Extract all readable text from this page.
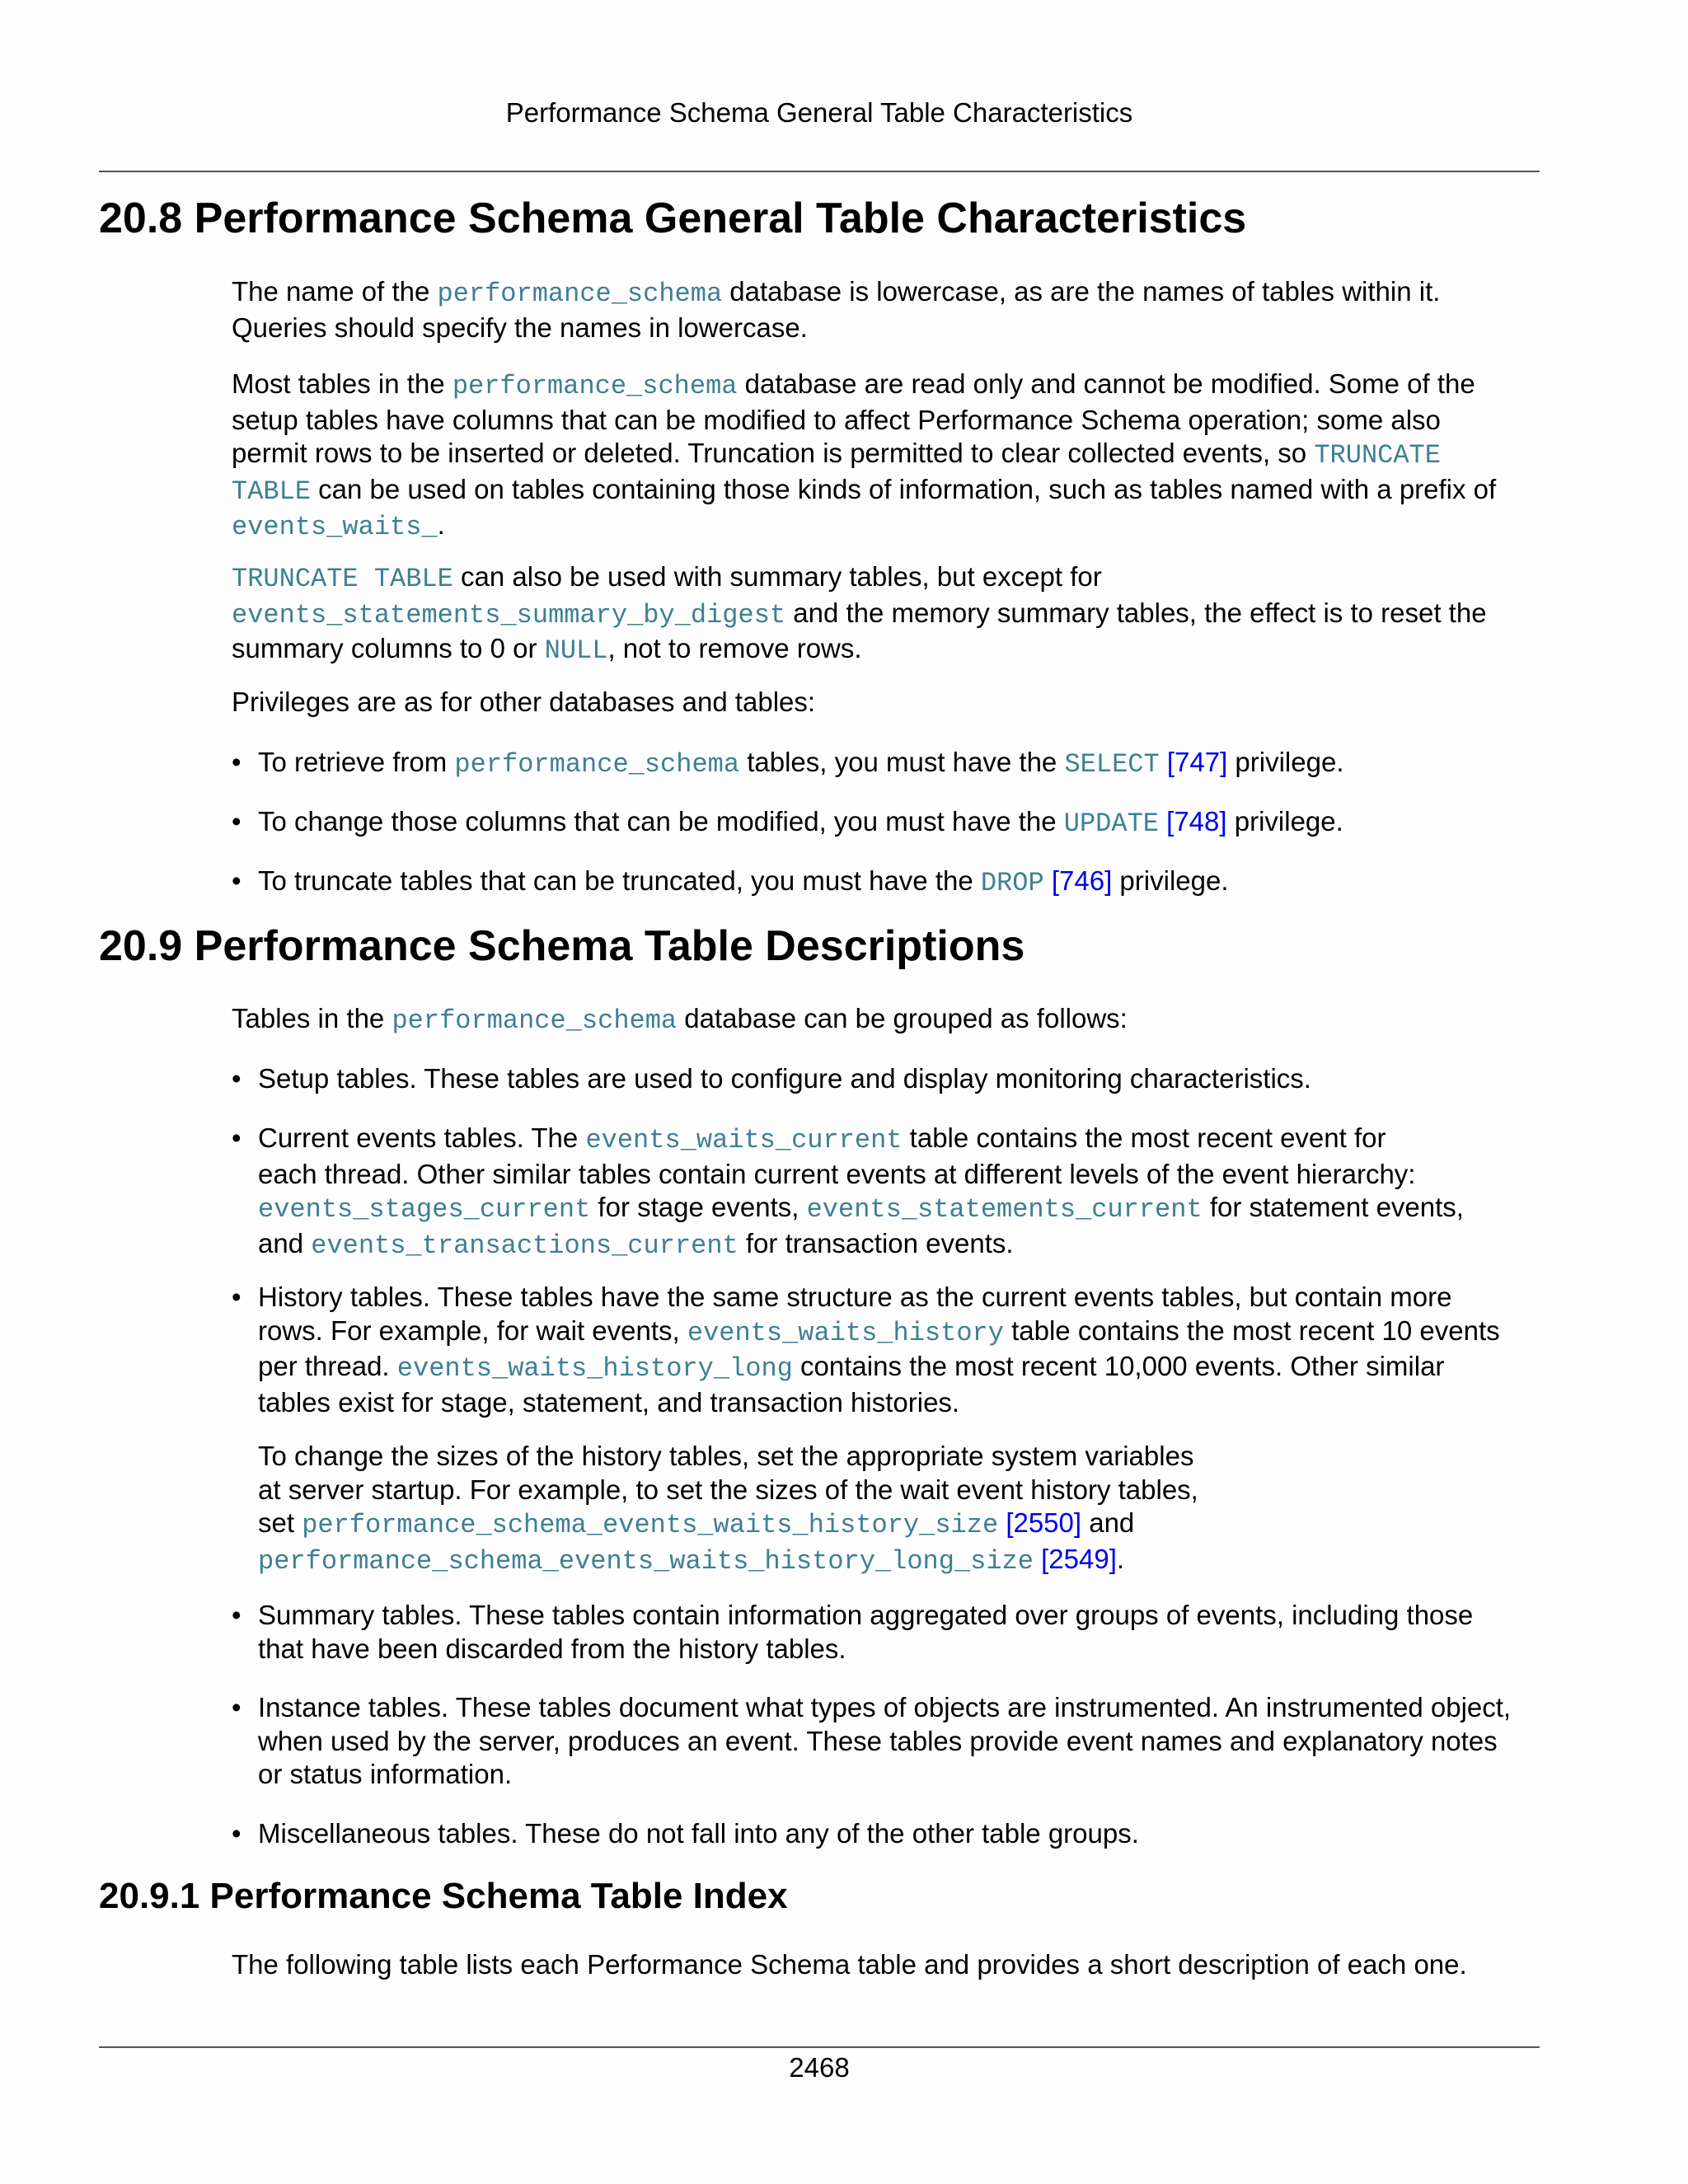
Performance Schema General Table Characteristics
20.8 Performance Schema General Table Characteristics

The name of the performance_schema database is lowercase, as are the names of tables within it.
Queries should specify the names in lowercase.

Most tables in the performance_schema database are read only and cannot be modified. Some of the
setup tables have columns that can be modified to affect Performance Schema operation; some also
permit rows to be inserted or deleted. Truncation is permitted to clear collected events, so TRUNCATE
TABLE can be used on tables containing those kinds of information, such as tables named with a prefix of
events_waits_.

TRUNCATE TABLE can also be used with summary tables, but except for
events_statements_summary_by_digest and the memory summary tables, the effect is to reset the
summary columns to 0 or NULL, not to remove rows.

Privileges are as for other databases and tables:

• To retrieve from performance_schema tables, you must have the SELECT [747] privilege.

• To change those columns that can be modified, you must have the UPDATE [748] privilege.

• To truncate tables that can be truncated, you must have the DROP [746] privilege.

20.9 Performance Schema Table Descriptions

Tables in the performance_schema database can be grouped as follows:

• Setup tables. These tables are used to configure and display monitoring characteristics.

• Current events tables. The events_waits_current table contains the most recent event for
each thread. Other similar tables contain current events at different levels of the event hierarchy:
events_stages_current for stage events, events_statements_current for statement events,
and events_transactions_current for transaction events.

• History tables. These tables have the same structure as the current events tables, but contain more
rows. For example, for wait events, events_waits_history table contains the most recent 10 events
per thread. events_waits_history_long contains the most recent 10,000 events. Other similar
tables exist for stage, statement, and transaction histories.

To change the sizes of the history tables, set the appropriate system variables
at server startup. For example, to set the sizes of the wait event history tables,
set performance_schema_events_waits_history_size [2550] and
performance_schema_events_waits_history_long_size [2549].

• Summary tables. These tables contain information aggregated over groups of events, including those
that have been discarded from the history tables.

• Instance tables. These tables document what types of objects are instrumented. An instrumented object,
when used by the server, produces an event. These tables provide event names and explanatory notes
or status information.

• Miscellaneous tables. These do not fall into any of the other table groups.

20.9.1 Performance Schema Table Index

The following table lists each Performance Schema table and provides a short description of each one.

2468
